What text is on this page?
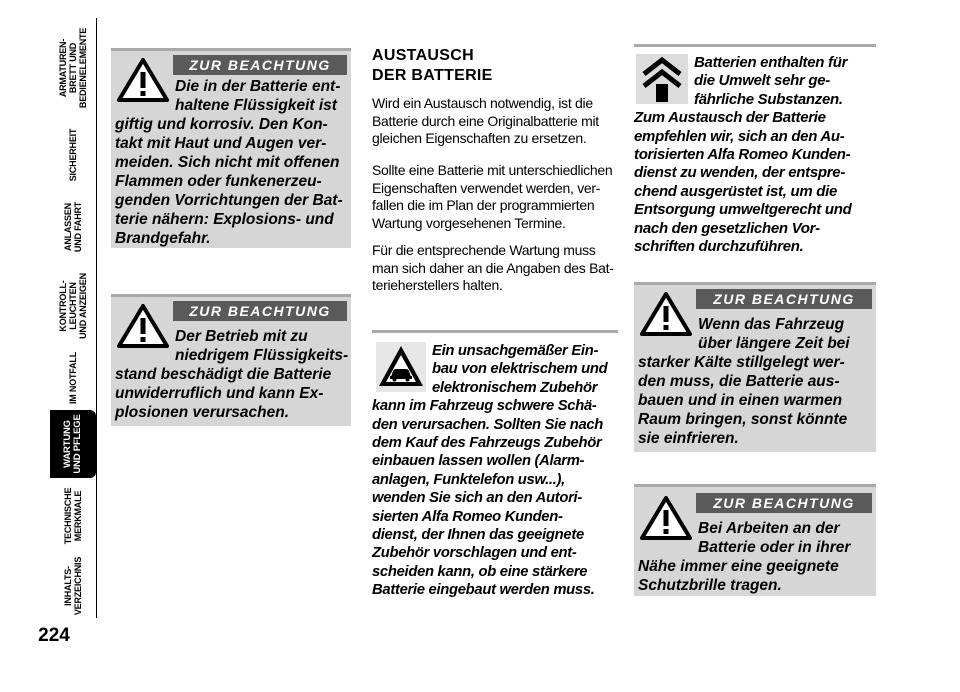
ARMATUREN-
BRETT UND
BEDIENELEMENTE
SICHERHEIT
ANLASSEN
UND FAHRT
KONTROLL-
LEUCHTEN
UND ANZEIGEN
IM NOTFALL
WARTUNG
UND PFLEGE
TECHNISCHE
MERKMALE
INHALTS-
VERZEICHNIS
224
ZUR BEACHTUNG

Die in der Batterie ent-
haltene Flüssigkeit ist
giftig und korrosiv. Den Kon-
takt mit Haut und Augen ver-
meiden. Sich nicht mit offenen
Flammen oder funkenerzeu-
genden Vorrichtungen der Bat-
terie nähern: Explosions- und
Brandgefahr.

ZUR BEACHTUNG

Der Betrieb mit zu
niedrigem Flüssigkeits-
stand beschädigt die Batterie
unwiderruflich und kann Ex-
plosionen verursachen.

AUSTAUSCH
DER BATTERIE

Wird ein Austausch notwendig, ist die
Batterie durch eine Originalbatterie mit
gleichen Eigenschaften zu ersetzen.

Sollte eine Batterie mit unterschiedlichen
Eigenschaften verwendet werden, ver-
fallen die im Plan der programmierten
Wartung vorgesehenen Termine.

Für die entsprechende Wartung muss
man sich daher an die Angaben des Bat-
terieherstellers halten.

Ein unsachgemäßer Ein-
bau von elektrischem und
elektronischem Zubehör
kann im Fahrzeug schwere Schä-
den verursachen. Sollten Sie nach
dem Kauf des Fahrzeugs Zubehör
einbauen lassen wollen (Alarm-
anlagen, Funktelefon usw...),
wenden Sie sich an den Autori-
sierten Alfa Romeo Kunden-
dienst, der Ihnen das geeignete
Zubehör vorschlagen und ent-
scheiden kann, ob eine stärkere
Batterie eingebaut werden muss.

Batterien enthalten für
die Umwelt sehr ge-
fährliche Substanzen.
Zum Austausch der Batterie
empfehlen wir, sich an den Au-
torisierten Alfa Romeo Kunden-
dienst zu wenden, der entspre-
chend ausgerüstet ist, um die
Entsorgung umweltgerecht und
nach den gesetzlichen Vor-
schriften durchzuführen.

ZUR BEACHTUNG

Wenn das Fahrzeug
über längere Zeit bei
starker Kälte stillgelegt wer-
den muss, die Batterie aus-
bauen und in einen warmen
Raum bringen, sonst könnte
sie einfrieren.

ZUR BEACHTUNG

Bei Arbeiten an der
Batterie oder in ihrer
Nähe immer eine geeignete
Schutzbrille tragen.
